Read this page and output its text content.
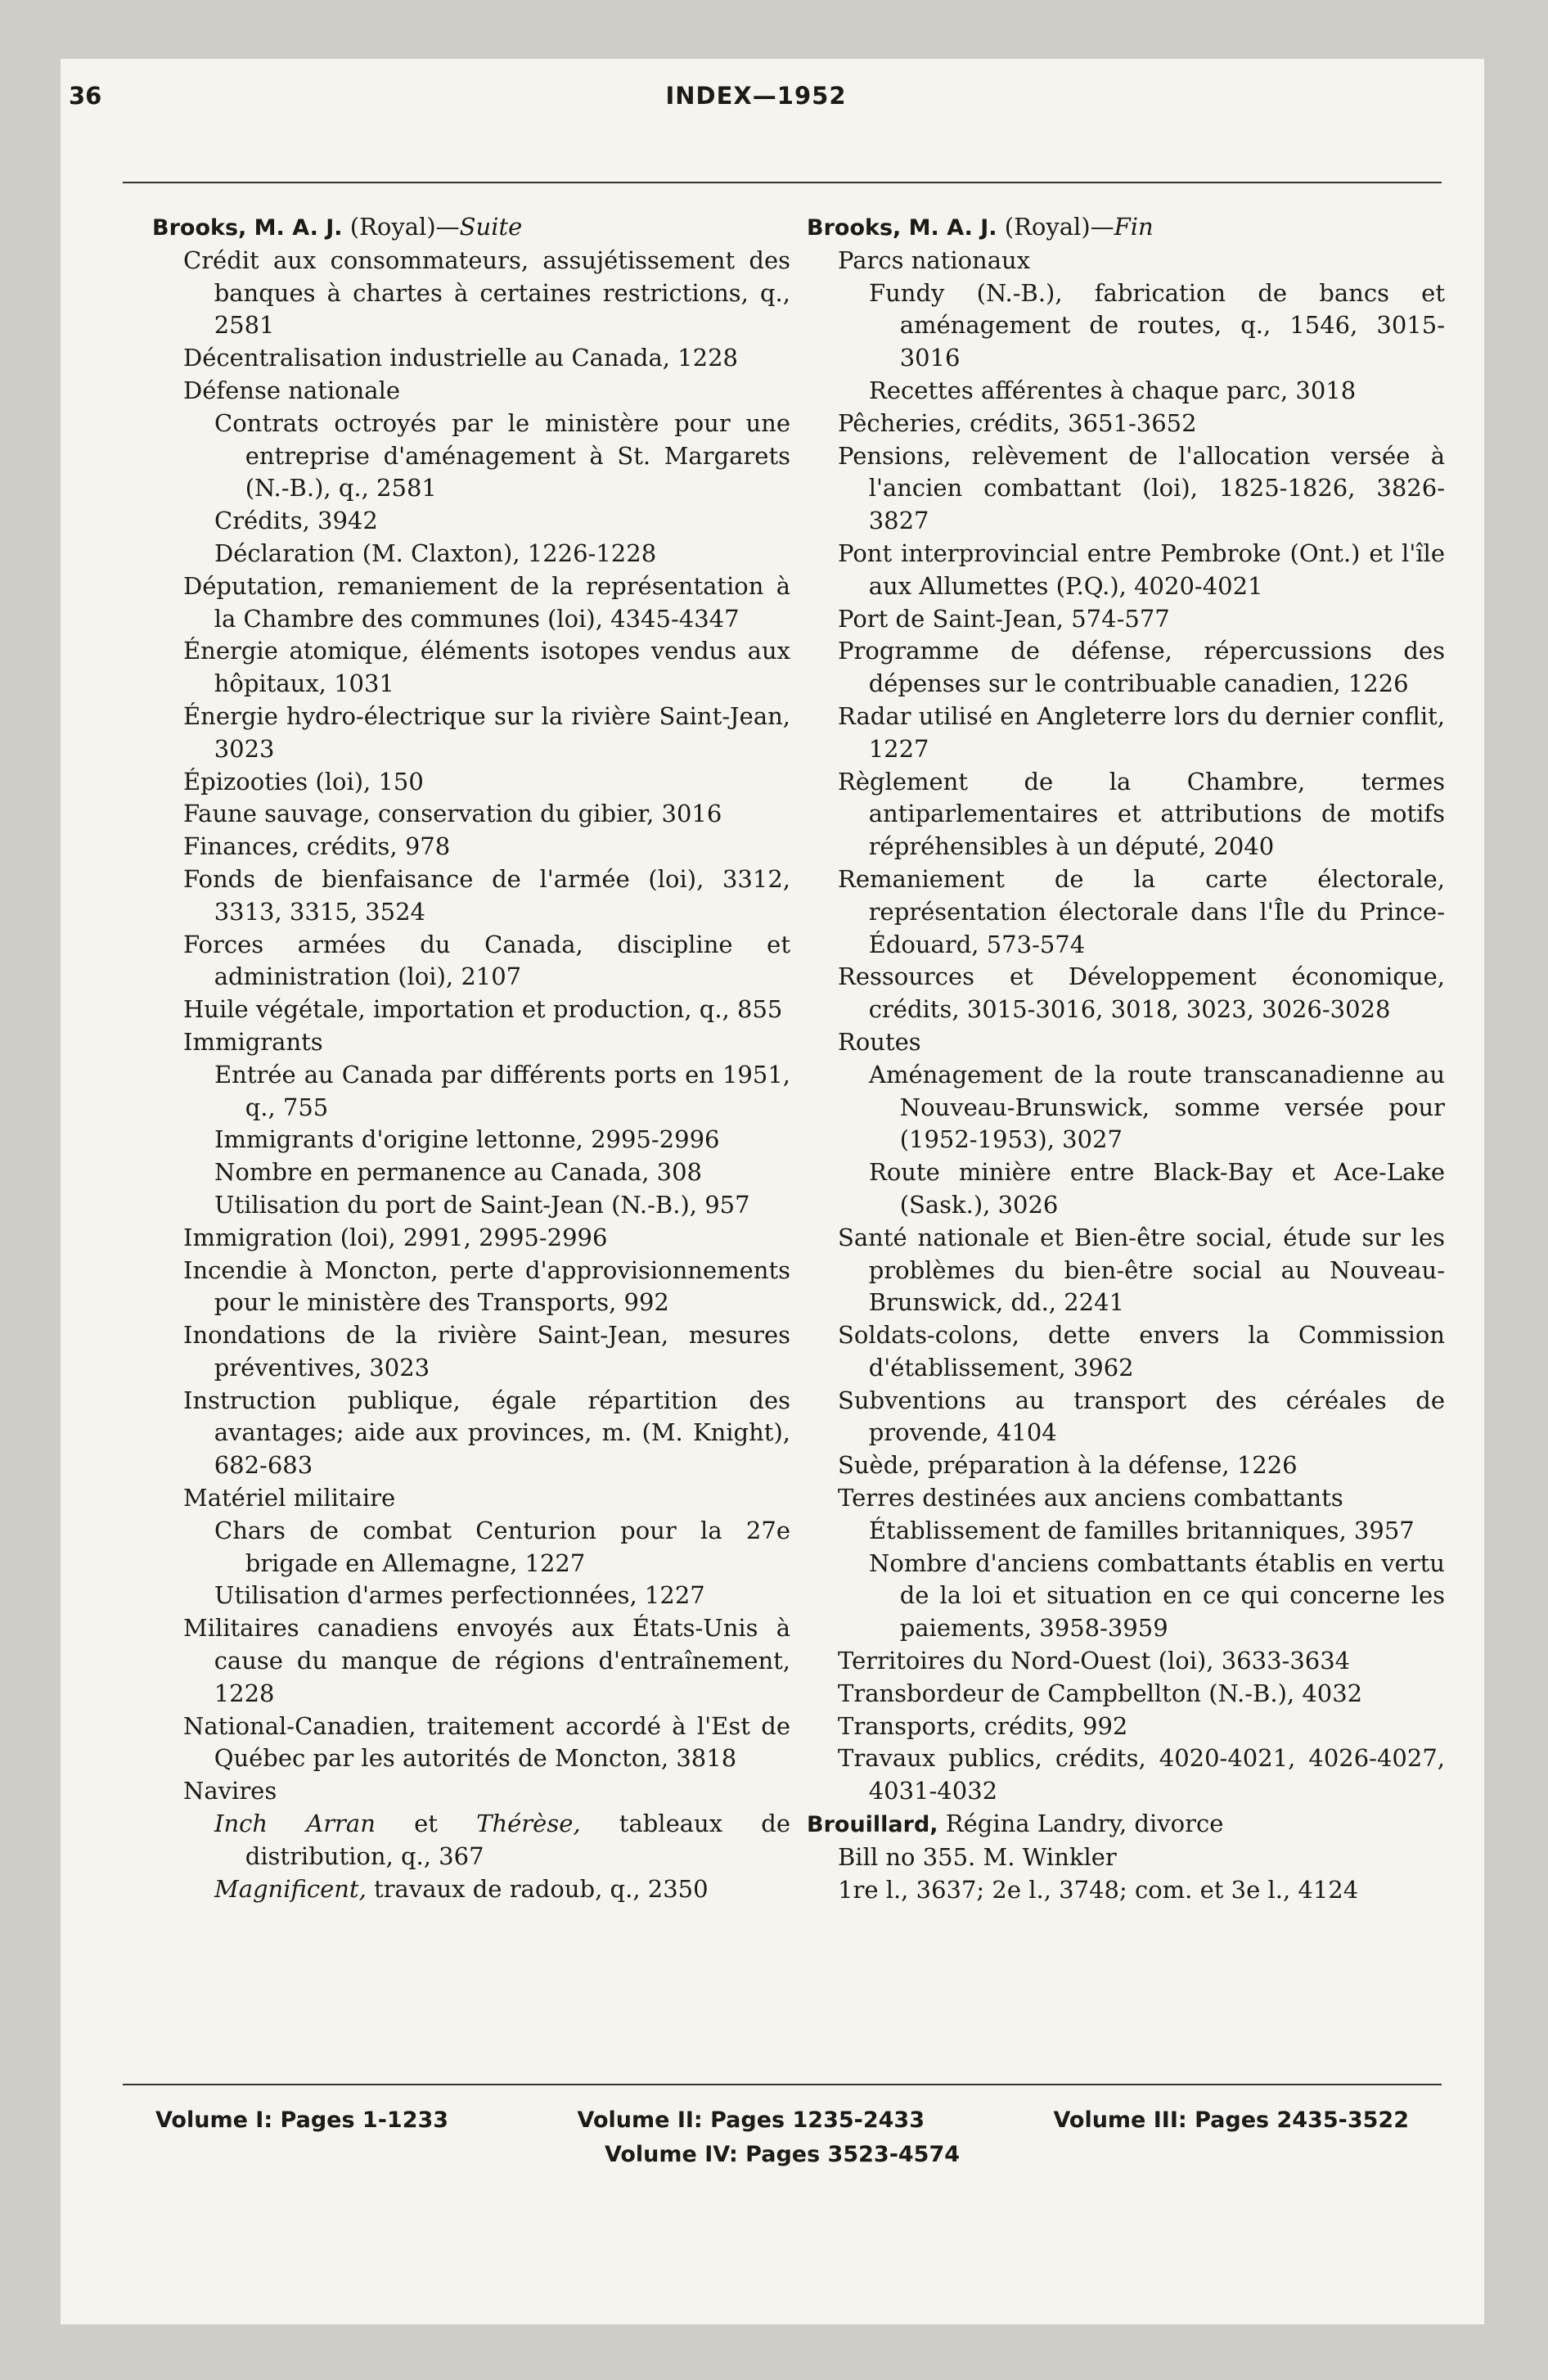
36	INDEX—1952
Brooks, M. A. J. (Royal)—Suite
Crédit aux consommateurs, assujétissement des banques à chartes à certaines restrictions, q., 2581
Décentralisation industrielle au Canada, 1228
Défense nationale
Contrats octroyés par le ministère pour une entreprise d'aménagement à St. Margarets (N.-B.), q., 2581
Crédits, 3942
Déclaration (M. Claxton), 1226-1228
Députation, remaniement de la représentation à la Chambre des communes (loi), 4345-4347
Énergie atomique, éléments isotopes vendus aux hôpitaux, 1031
Énergie hydro-électrique sur la rivière Saint-Jean, 3023
Épizooties (loi), 150
Faune sauvage, conservation du gibier, 3016
Finances, crédits, 978
Fonds de bienfaisance de l'armée (loi), 3312, 3313, 3315, 3524
Forces armées du Canada, discipline et administration (loi), 2107
Huile végétale, importation et production, q., 855
Immigrants
Entrée au Canada par différents ports en 1951, q., 755
Immigrants d'origine lettonne, 2995-2996
Nombre en permanence au Canada, 308
Utilisation du port de Saint-Jean (N.-B.), 957
Immigration (loi), 2991, 2995-2996
Incendie à Moncton, perte d'approvisionnements pour le ministère des Transports, 992
Inondations de la rivière Saint-Jean, mesures préventives, 3023
Instruction publique, égale répartition des avantages; aide aux provinces, m. (M. Knight), 682-683
Matériel militaire
Chars de combat Centurion pour la 27e brigade en Allemagne, 1227
Utilisation d'armes perfectionnées, 1227
Militaires canadiens envoyés aux États-Unis à cause du manque de régions d'entraînement, 1228
National-Canadien, traitement accordé à l'Est de Québec par les autorités de Moncton, 3818
Navires
Inch Arran et Thérèse, tableaux de distribution, q., 367
Magnificent, travaux de radoub, q., 2350
Brooks, M. A. J. (Royal)—Fin
Parcs nationaux
Fundy (N.-B.), fabrication de bancs et aménagement de routes, q., 1546, 3015-3016
Recettes afférentes à chaque parc, 3018
Pêcheries, crédits, 3651-3652
Pensions, relèvement de l'allocation versée à l'ancien combattant (loi), 1825-1826, 3826-3827
Pont interprovincial entre Pembroke (Ont.) et l'île aux Allumettes (P.Q.), 4020-4021
Port de Saint-Jean, 574-577
Programme de défense, répercussions des dépenses sur le contribuable canadien, 1226
Radar utilisé en Angleterre lors du dernier conflit, 1227
Règlement de la Chambre, termes antiparlementaires et attributions de motifs répréhensibles à un député, 2040
Remaniement de la carte électorale, représentation électorale dans l'Île du Prince-Édouard, 573-574
Ressources et Développement économique, crédits, 3015-3016, 3018, 3023, 3026-3028
Routes
Aménagement de la route transcanadienne au Nouveau-Brunswick, somme versée pour (1952-1953), 3027
Route minière entre Black-Bay et Ace-Lake (Sask.), 3026
Santé nationale et Bien-être social, étude sur les problèmes du bien-être social au Nouveau-Brunswick, dd., 2241
Soldats-colons, dette envers la Commission d'établissement, 3962
Subventions au transport des céréales de provende, 4104
Suède, préparation à la défense, 1226
Terres destinées aux anciens combattants
Établissement de familles britanniques, 3957
Nombre d'anciens combattants établis en vertu de la loi et situation en ce qui concerne les paiements, 3958-3959
Territoires du Nord-Ouest (loi), 3633-3634
Transbordeur de Campbellton (N.-B.), 4032
Transports, crédits, 992
Travaux publics, crédits, 4020-4021, 4026-4027, 4031-4032
Brouillard, Régina Landry, divorce
Bill no 355. M. Winkler
1re l., 3637; 2e l., 3748; com. et 3e l., 4124
Volume I: Pages 1-1233	Volume II: Pages 1235-2433	Volume III: Pages 2435-3522
Volume IV: Pages 3523-4574
